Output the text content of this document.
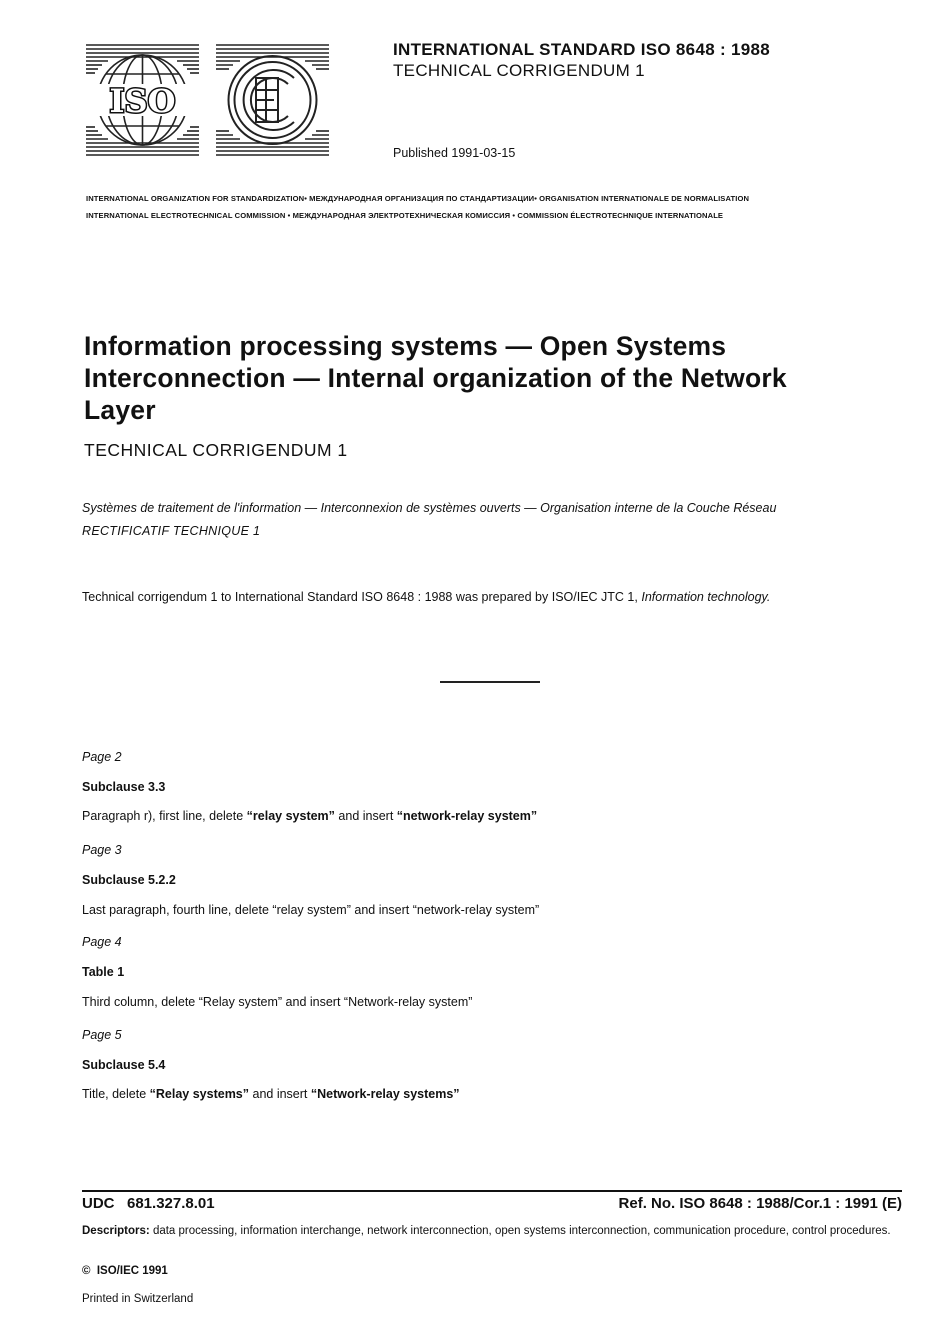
ISO
INTERNATIONAL STANDARD ISO 8648 : 1988
TECHNICAL CORRIGENDUM 1
Published 1991-03-15
INTERNATIONAL ORGANIZATION FOR STANDARDIZATION• МЕЖДУНАРОДНАЯ ОРГАНИЗАЦИЯ ПО СТАНДАРТИЗАЦИИ• ORGANISATION INTERNATIONALE DE NORMALISATION
INTERNATIONAL ELECTROTECHNICAL COMMISSION • МЕЖДУНАРОДНАЯ ЭЛЕКТРОТЕХНИЧЕСКАЯ КОМИССИЯ • COMMISSION ÉLECTROTECHNIQUE INTERNATIONALE
Information processing systems — Open Systems
Interconnection — Internal organization of the Network
Layer
TECHNICAL CORRIGENDUM 1
Systèmes de traitement de l'information — Interconnexion de systèmes ouverts — Organisation interne de la Couche Réseau
RECTIFICATIF TECHNIQUE 1
Technical corrigendum 1 to International Standard ISO 8648 : 1988 was prepared by ISO/IEC JTC 1, Information technology.
Page 2
Subclause 3.3
Paragraph r), first line, delete “relay system” and insert “network-relay system”
Page 3
Subclause 5.2.2
Last paragraph, fourth line, delete “relay system” and insert “network-relay system”
Page 4
Table 1
Third column, delete “Relay system” and insert “Network-relay system”
Page 5
Subclause 5.4
Title, delete “Relay systems” and insert “Network-relay systems”
UDC   681.327.8.01	Ref. No. ISO 8648 : 1988/Cor.1 : 1991 (E)
Descriptors: data processing, information interchange, network interconnection, open systems interconnection, communication procedure, control procedures.
©  ISO/IEC 1991
Printed in Switzerland
